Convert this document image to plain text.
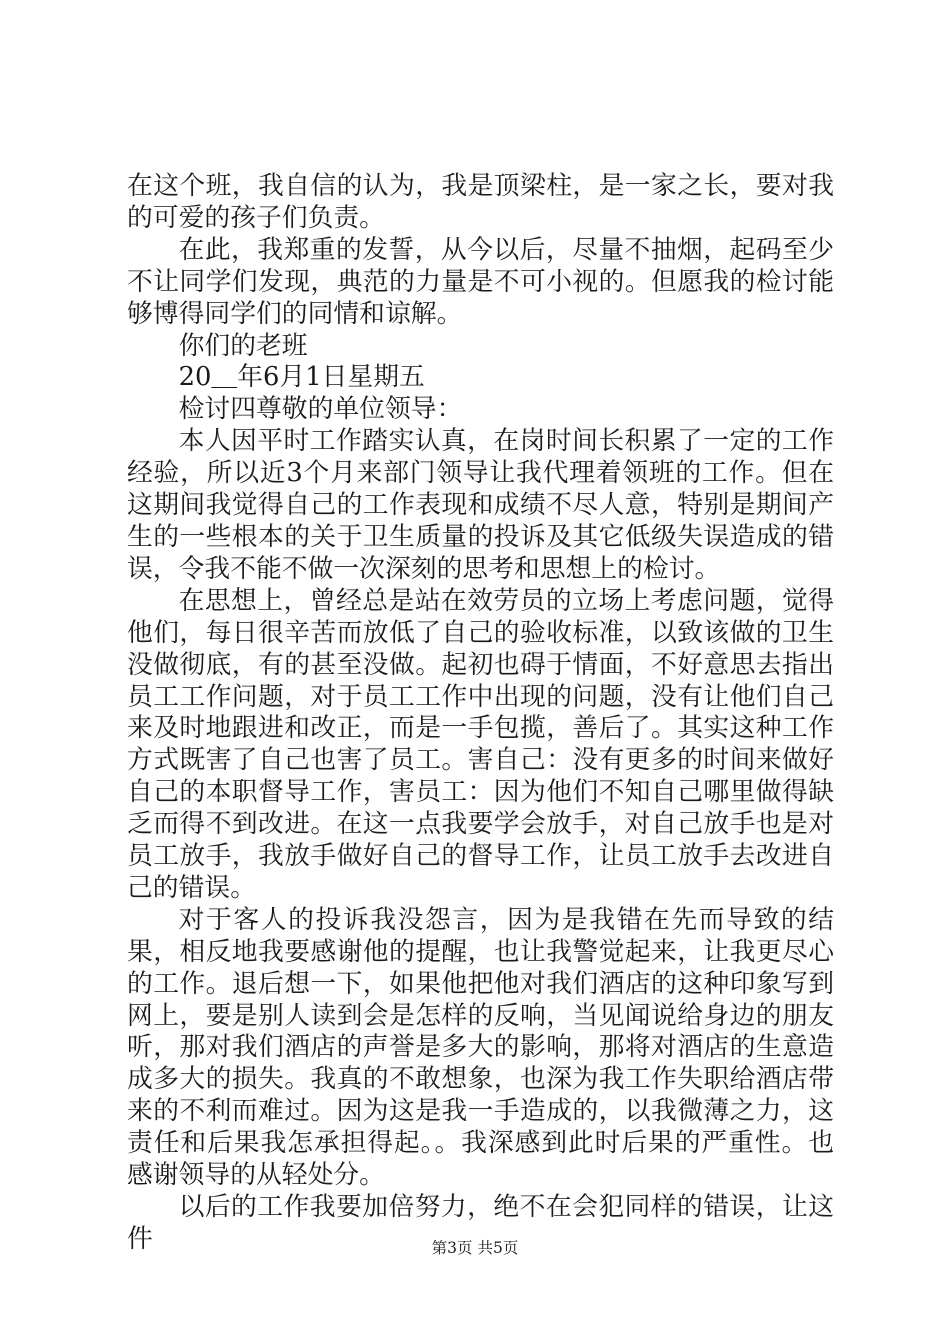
在这个班，我自信的认为，我是顶梁柱，是一家之长，要对我的可爱的孩子们负责。

在此，我郑重的发誓，从今以后，尽量不抽烟，起码至少不让同学们发现，典范的力量是不可小视的。但愿我的检讨能够博得同学们的同情和谅解。

你们的老班

20＿年6月1日星期五

检讨四尊敬的单位领导：

本人因平时工作踏实认真，在岗时间长积累了一定的工作经验，所以近3个月来部门领导让我代理着领班的工作。但在这期间我觉得自己的工作表现和成绩不尽人意，特别是期间产生的一些根本的关于卫生质量的投诉及其它低级失误造成的错误，令我不能不做一次深刻的思考和思想上的检讨。

在思想上，曾经总是站在效劳员的立场上考虑问题，觉得他们，每日很辛苦而放低了自己的验收标准，以致该做的卫生没做彻底，有的甚至没做。起初也碍于情面，不好意思去指出员工工作问题，对于员工工作中出现的问题，没有让他们自己来及时地跟进和改正，而是一手包揽，善后了。其实这种工作方式既害了自己也害了员工。害自己：没有更多的时间来做好自己的本职督导工作，害员工：因为他们不知自己哪里做得缺乏而得不到改进。在这一点我要学会放手，对自己放手也是对员工放手，我放手做好自己的督导工作，让员工放手去改进自己的错误。

对于客人的投诉我没怨言，因为是我错在先而导致的结果，相反地我要感谢他的提醒，也让我警觉起来，让我更尽心的工作。退后想一下，如果他把他对我们酒店的这种印象写到网上，要是别人读到会是怎样的反响，当见闻说给身边的朋友听，那对我们酒店的声誉是多大的影响，那将对酒店的生意造成多大的损失。我真的不敢想象，也深为我工作失职给酒店带来的不利而难过。因为这是我一手造成的，以我微薄之力，这责任和后果我怎承担得起。。我深感到此时后果的严重性。也感谢领导的从轻处分。

以后的工作我要加倍努力，绝不在会犯同样的错误，让这件	第3页 共5页
